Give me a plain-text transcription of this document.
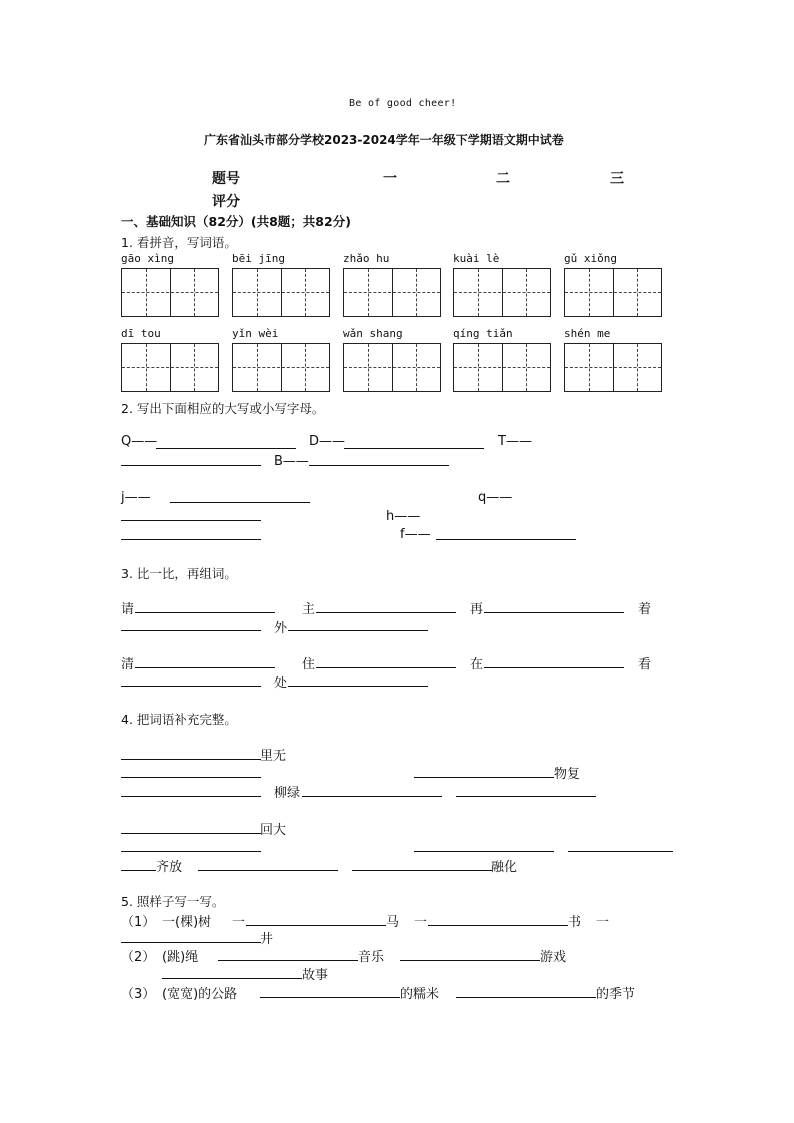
Be of good cheer!
广东省汕头市部分学校2023-2024学年一年级下学期语文期中试卷
题号	一	二	三
评分
一、基础知识（82分）(共8题；共82分)
1. 看拼音，写词语。
gāo xìng	bēi jīng	zhǎo hu	kuài lè	gǔ xiǒng
dī tou	yǐn wèi	wǎn shang	qíng tiǎn	shén me
2. 写出下面相应的大写或小写字母。
Q——	D——	T——
B——
j——	q——
h——
f——
3. 比一比，再组词。
请	主	再	着
外
清	住	在	看
处
4. 把词语补充完整。
里无
物复
柳绿
回大
齐放	融化
5. 照样子写一写。
（1） 一(棵)树 一	马 一	书 一
井
（2） (跳)绳	音乐	游戏
故事
（3） (宽宽)的公路	的糯米	的季节
